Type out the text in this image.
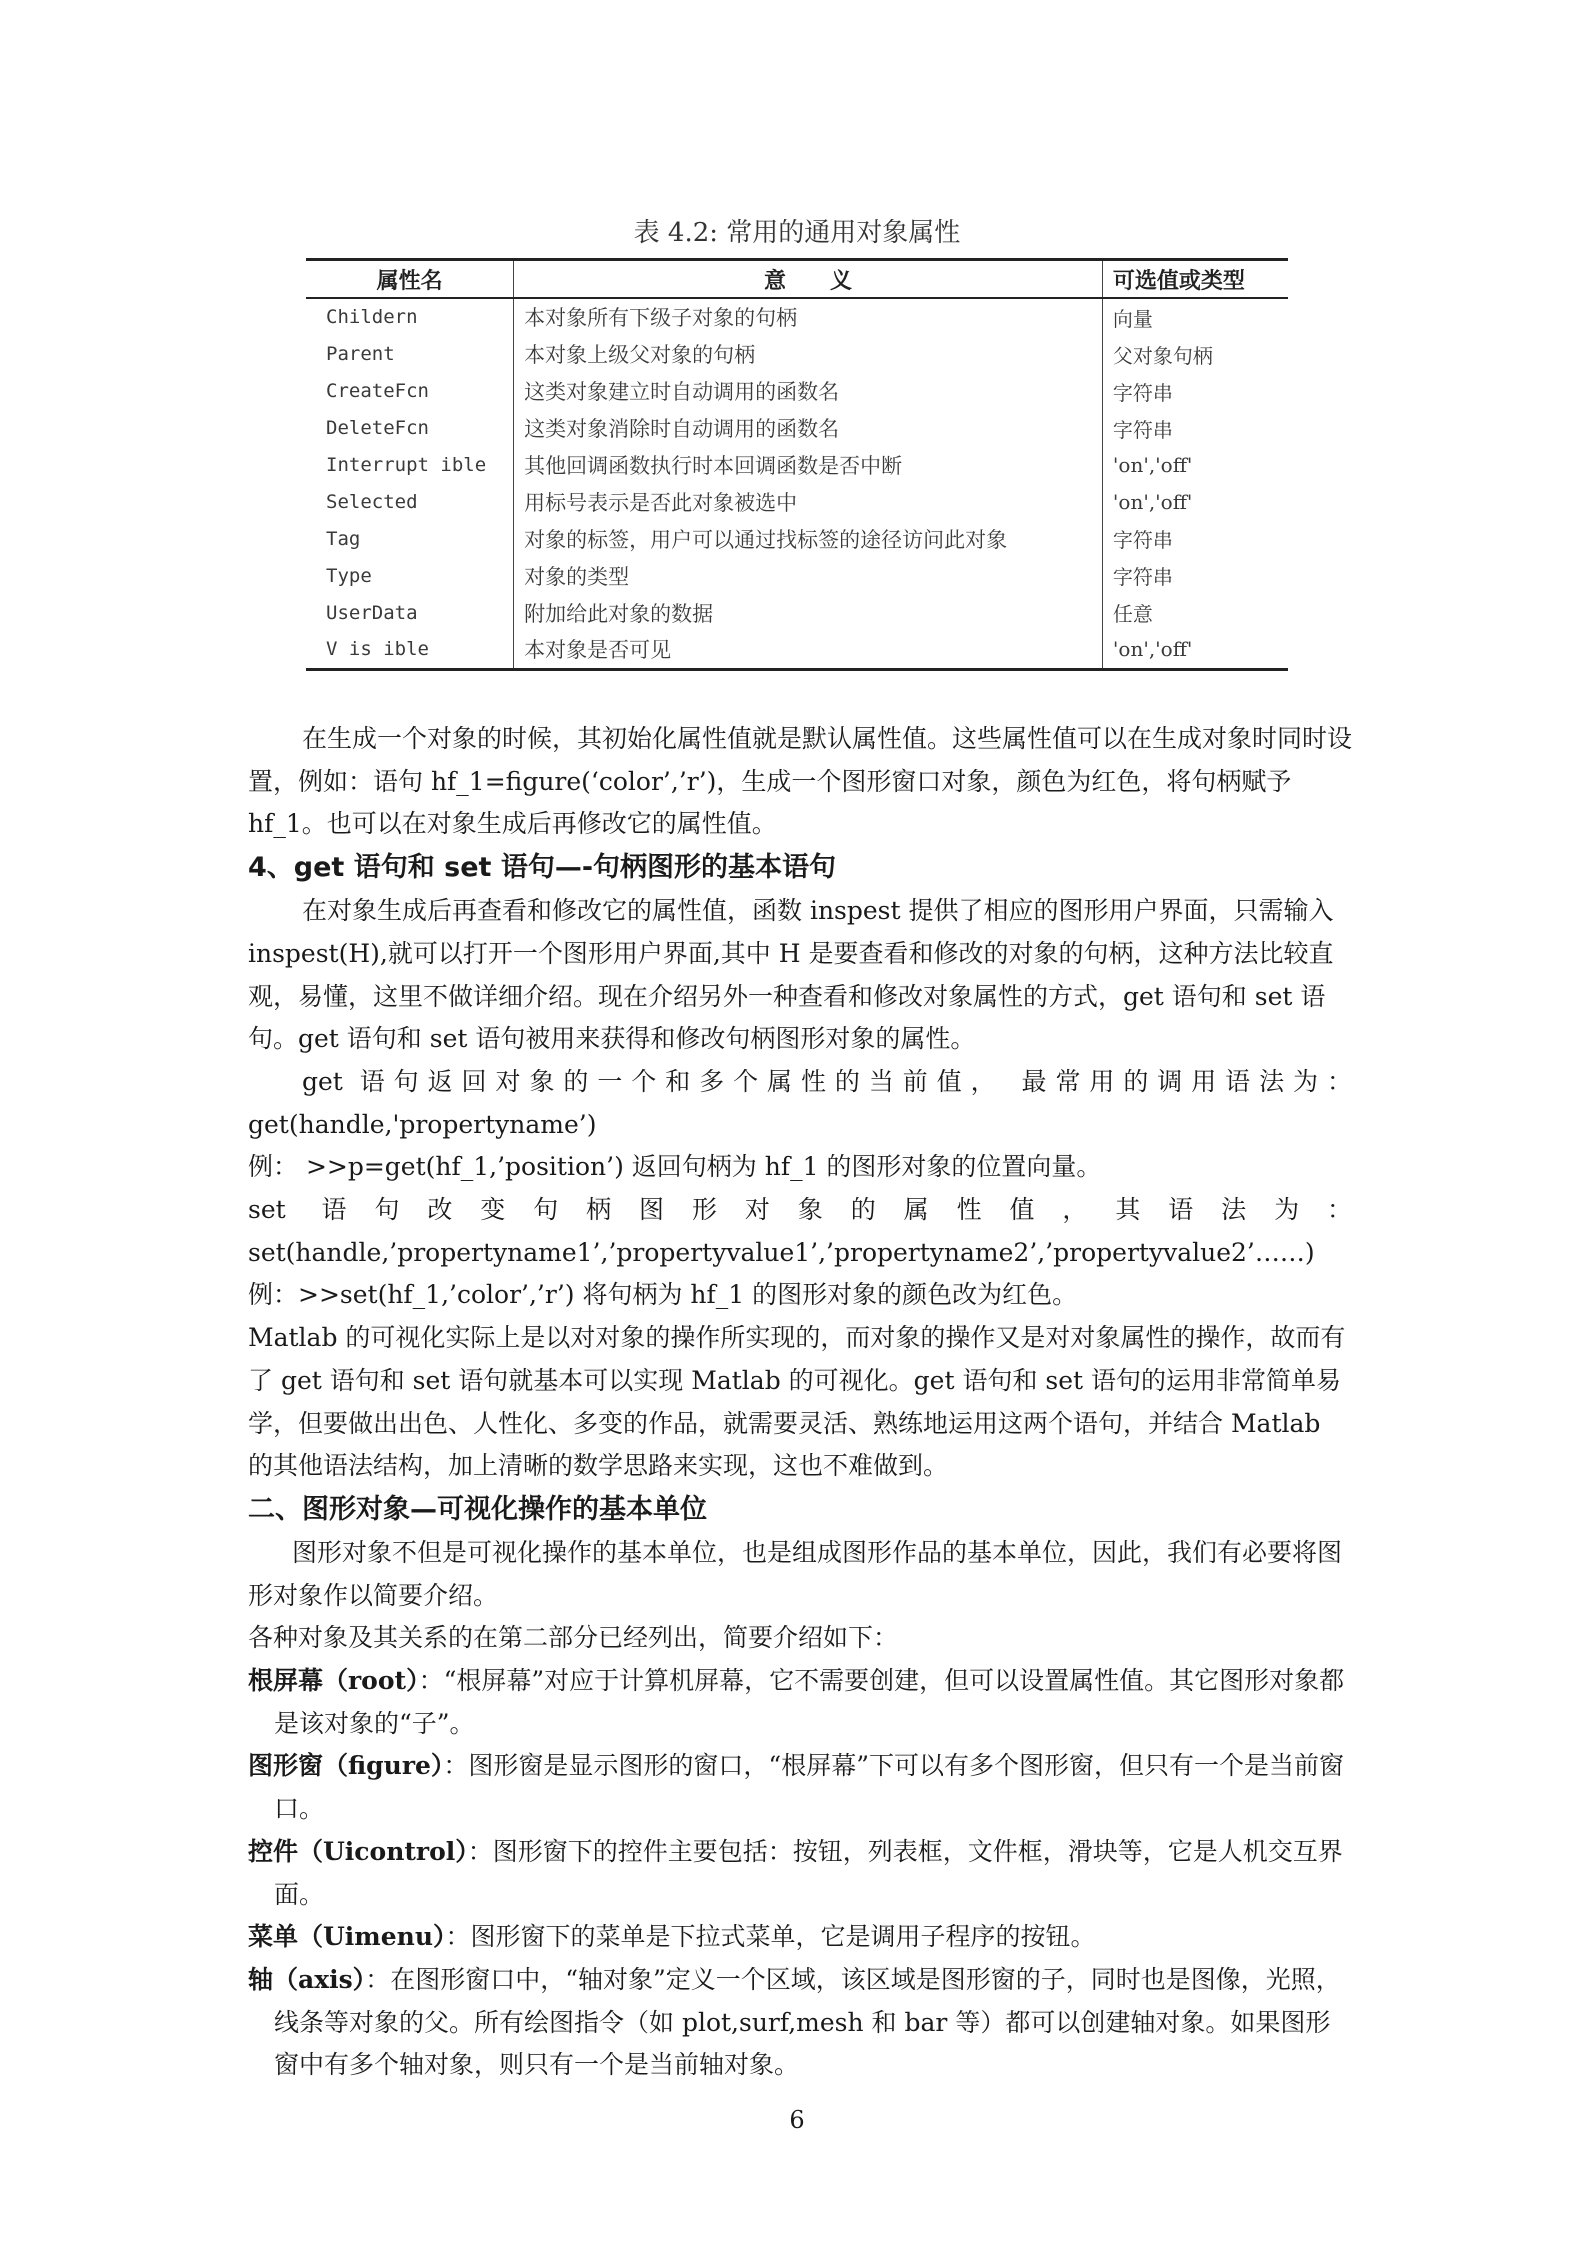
表 4.2: 常用的通用对象属性
属性名	意　　义	可选值或类型
Childern	本对象所有下级子对象的句柄	向量
Parent	本对象上级父对象的句柄	父对象句柄
CreateFcn	这类对象建立时自动调用的函数名	字符串
DeleteFcn	这类对象消除时自动调用的函数名	字符串
Interrupt ible	其他回调函数执行时本回调函数是否中断	'on','off'
Selected	用标号表示是否此对象被选中	'on','off'
Tag	对象的标签，用户可以通过找标签的途径访问此对象	字符串
Type	对象的类型	字符串
UserData	附加给此对象的数据	任意
V is ible	本对象是否可见	'on','off'

在生成一个对象的时候，其初始化属性值就是默认属性值。这些属性值可以在生成对象时同时设置，例如：语句 hf_1=figure(‘color’,’r’)，生成一个图形窗口对象，颜色为红色，将句柄赋予 hf_1。也可以在对象生成后再修改它的属性值。

4、get 语句和 set 语句—-句柄图形的基本语句

在对象生成后再查看和修改它的属性值，函数 inspest 提供了相应的图形用户界面，只需输入 inspest(H),就可以打开一个图形用户界面,其中 H 是要查看和修改的对象的句柄，这种方法比较直观，易懂，这里不做详细介绍。现在介绍另外一种查看和修改对象属性的方式，get 语句和 set 语句。get 语句和 set 语句被用来获得和修改句柄图形对象的属性。

get 语句返回对象的一个和多个属性的当前值， 最常用的调用语法为：

get(handle,'propertyname’)

例： >>p=get(hf_1,’position’) 返回句柄为 hf_1 的图形对象的位置向量。

set 语句改变句柄图形对象的属性值，其语法为：

set(handle,’propertyname1’,’propertyvalue1’,’propertyname2’,’propertyvalue2’……)

例：>>set(hf_1,’color’,’r’) 将句柄为 hf_1 的图形对象的颜色改为红色。

Matlab 的可视化实际上是以对对象的操作所实现的，而对象的操作又是对对象属性的操作，故而有了 get 语句和 set 语句就基本可以实现 Matlab 的可视化。get 语句和 set 语句的运用非常简单易学，但要做出出色、人性化、多变的作品，就需要灵活、熟练地运用这两个语句，并结合 Matlab 的其他语法结构，加上清晰的数学思路来实现，这也不难做到。

二、图形对象—可视化操作的基本单位

图形对象不但是可视化操作的基本单位，也是组成图形作品的基本单位，因此，我们有必要将图形对象作以简要介绍。

各种对象及其关系的在第二部分已经列出，简要介绍如下：

根屏幕（root）：“根屏幕”对应于计算机屏幕，它不需要创建，但可以设置属性值。其它图形对象都是该对象的“子”。

图形窗（figure）：图形窗是显示图形的窗口，“根屏幕”下可以有多个图形窗，但只有一个是当前窗口。

控件（Uicontrol）：图形窗下的控件主要包括：按钮，列表框，文件框，滑块等，它是人机交互界面。

菜单（Uimenu）：图形窗下的菜单是下拉式菜单，它是调用子程序的按钮。

轴（axis）：在图形窗口中，“轴对象”定义一个区域，该区域是图形窗的子，同时也是图像，光照，线条等对象的父。所有绘图指令（如 plot,surf,mesh 和 bar 等）都可以创建轴对象。如果图形窗中有多个轴对象，则只有一个是当前轴对象。

6
